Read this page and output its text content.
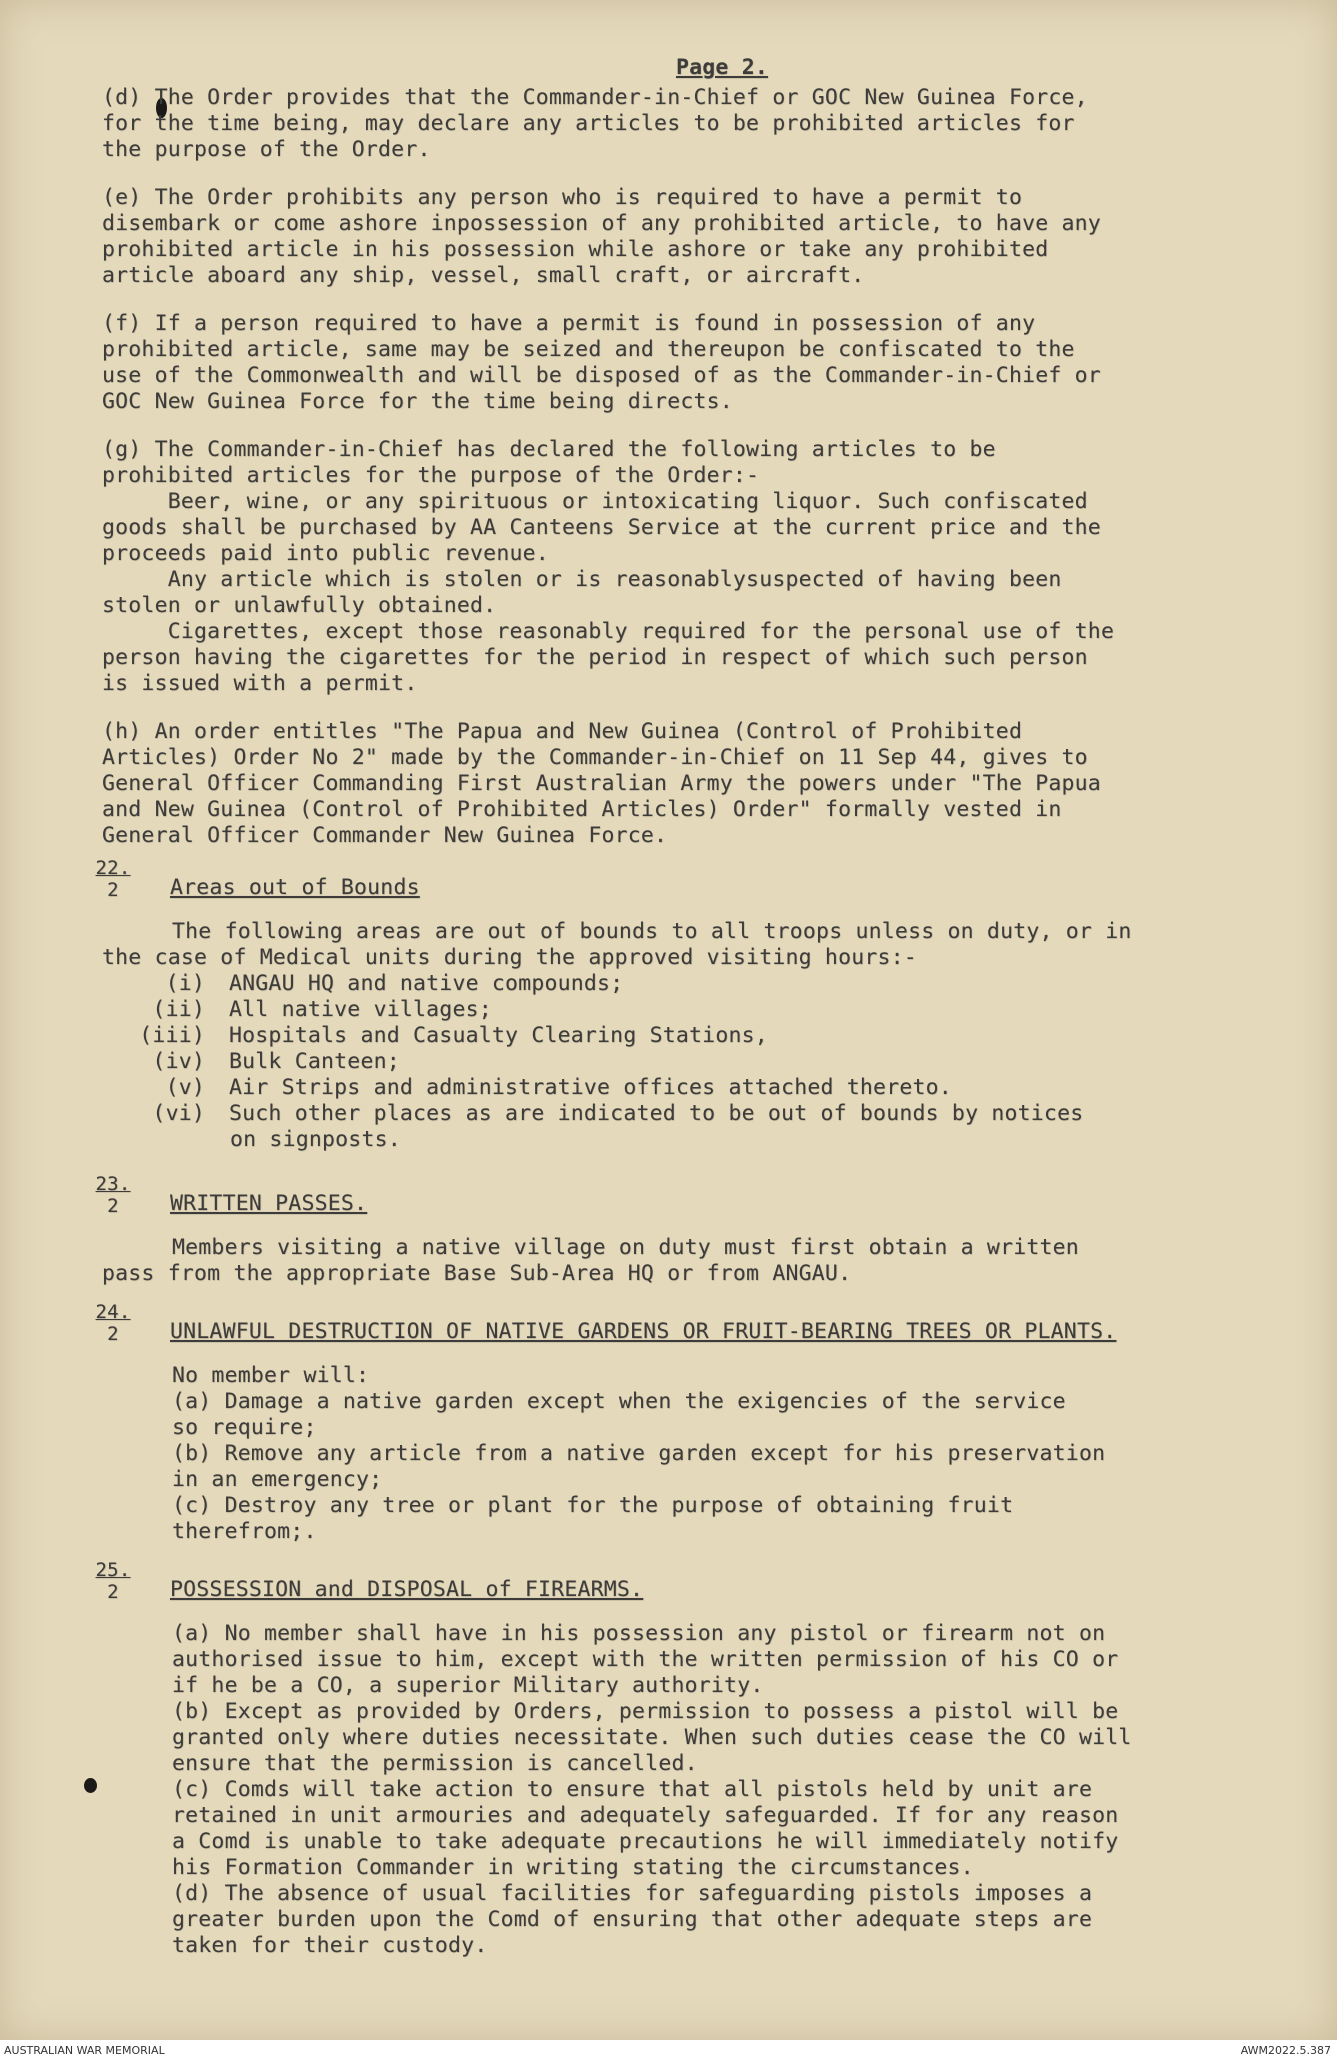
Page 2.

(d) The Order provides that the Commander-in-Chief or GOC New Guinea Force,

for the time being, may declare any articles to be prohibited articles for

the purpose of the Order.

(e) The Order prohibits any person who is required to have a permit to

disembark or come ashore inpossession of any prohibited article, to have any

prohibited article in his possession while ashore or take any prohibited

article aboard any ship, vessel, small craft, or aircraft.

(f) If a person required to have a permit is found in possession of any

prohibited article, same may be seized and thereupon be confiscated to the

use of the Commonwealth and will be disposed of as the Commander-in-Chief or

GOC New Guinea Force for the time being directs.

(g) The Commander-in-Chief has declared the following articles to be

prohibited articles for the purpose of the Order:-

Beer, wine, or any spirituous or intoxicating liquor. Such confiscated

goods shall be purchased by AA Canteens Service at the current price and the

proceeds paid into public revenue.

Any article which is stolen or is reasonablysuspected of having been

stolen or unlawfully obtained.

Cigarettes, except those reasonably required for the personal use of the

person having the cigarettes for the period in respect of which such person

is issued with a permit.

(h) An order entitles "The Papua and New Guinea (Control of Prohibited

Articles) Order No 2" made by the Commander-in-Chief on 11 Sep 44, gives to

General Officer Commanding First Australian Army the powers under "The Papua

and New Guinea (Control of Prohibited Articles) Order" formally vested in

General Officer Commander New Guinea Force.

22.
2 Areas out of Bounds

The following areas are out of bounds to all troops unless on duty, or in

the case of Medical units during the approved visiting hours:-

(i)	ANGAU HQ and native compounds;
(ii)	All native villages;
(iii)	Hospitals and Casualty Clearing Stations,
(iv)	Bulk Canteen;
(v)	Air Strips and administrative offices attached thereto.
(vi)	Such other places as are indicated to be out of bounds by notices

on signposts.

23.
2 WRITTEN PASSES.

Members visiting a native village on duty must first obtain a written

pass from the appropriate Base Sub-Area HQ or from ANGAU.

24.
2 UNLAWFUL DESTRUCTION OF NATIVE GARDENS OR FRUIT-BEARING TREES OR PLANTS.

No member will:

(a) Damage a native garden except when the exigencies of the service

so require;

(b) Remove any article from a native garden except for his preservation

in an emergency;

(c) Destroy any tree or plant for the purpose of obtaining fruit

therefrom;.

25.
2 POSSESSION and DISPOSAL of FIREARMS.

(a) No member shall have in his possession any pistol or firearm not on

authorised issue to him, except with the written permission of his CO or

if he be a CO, a superior Military authority.

(b) Except as provided by Orders, permission to possess a pistol will be

granted only where duties necessitate. When such duties cease the CO will

ensure that the permission is cancelled.

(c) Comds will take action to ensure that all pistols held by unit are

retained in unit armouries and adequately safeguarded. If for any reason

a Comd is unable to take adequate precautions he will immediately notify

his Formation Commander in writing stating the circumstances.

(d) The absence of usual facilities for safeguarding pistols imposes a

greater burden upon the Comd of ensuring that other adequate steps are

taken for their custody.

AUSTRALIAN WAR MEMORIAL	AWM2022.5.387
